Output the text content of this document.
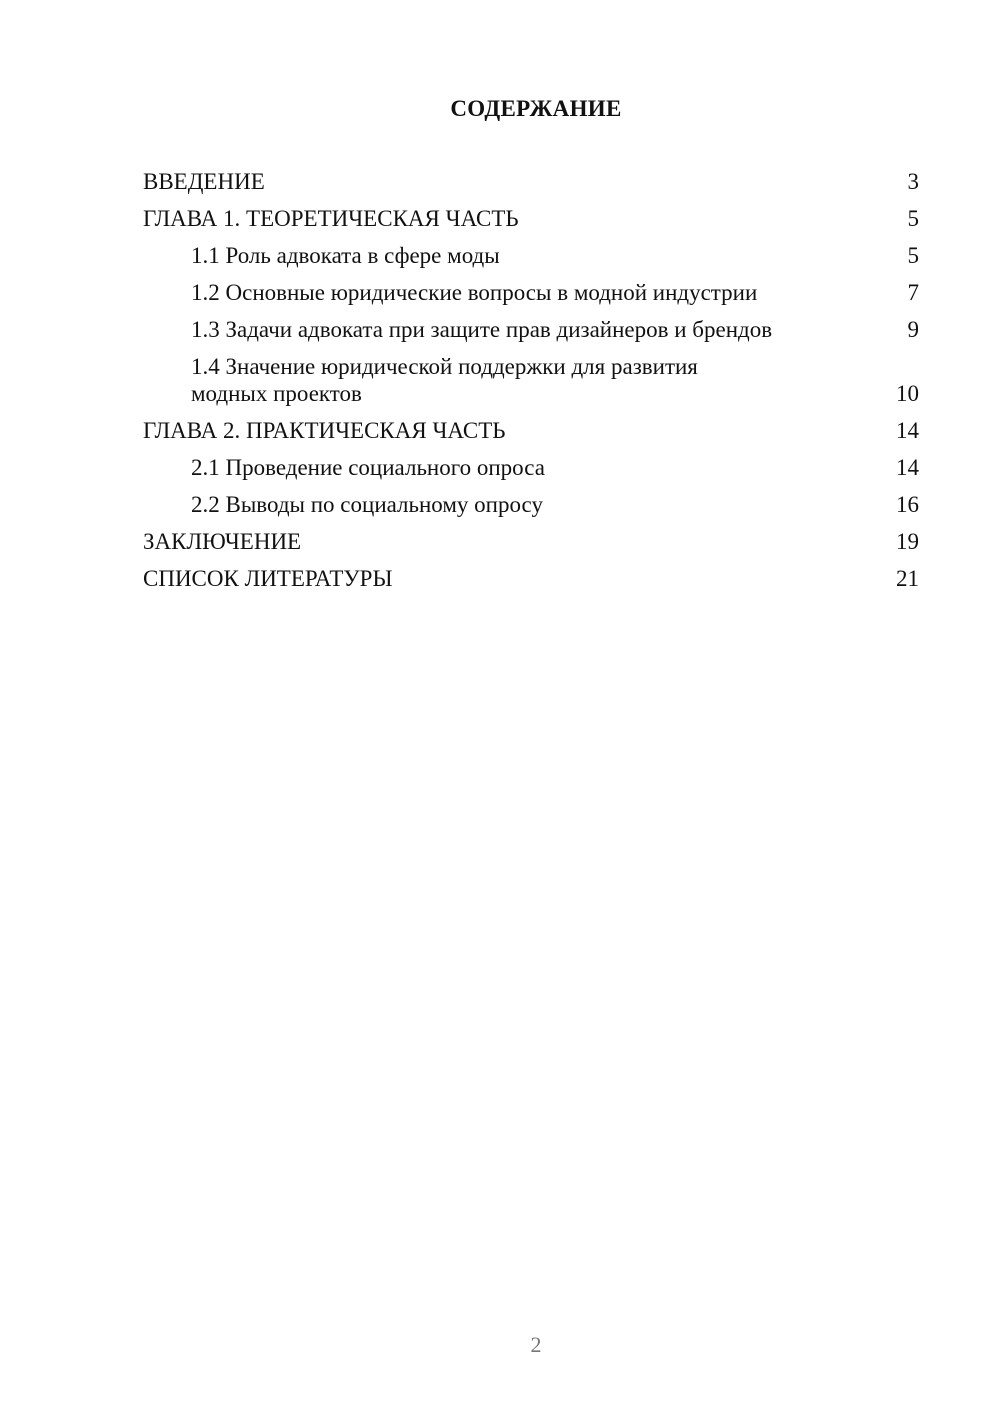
СОДЕРЖАНИЕ
ВВЕДЕНИЕ	3
ГЛАВА 1. ТЕОРЕТИЧЕСКАЯ ЧАСТЬ	5
1.1 Роль адвоката в сфере моды	5
1.2 Основные юридические вопросы в модной индустрии	7
1.3 Задачи адвоката при защите прав дизайнеров и брендов	9
1.4 Значение юридической поддержки для развития
модных проектов	10
ГЛАВА 2. ПРАКТИЧЕСКАЯ ЧАСТЬ	14
2.1 Проведение социального опроса	14
2.2 Выводы по социальному опросу	16
ЗАКЛЮЧЕНИЕ	19
СПИСОК ЛИТЕРАТУРЫ	21
2
